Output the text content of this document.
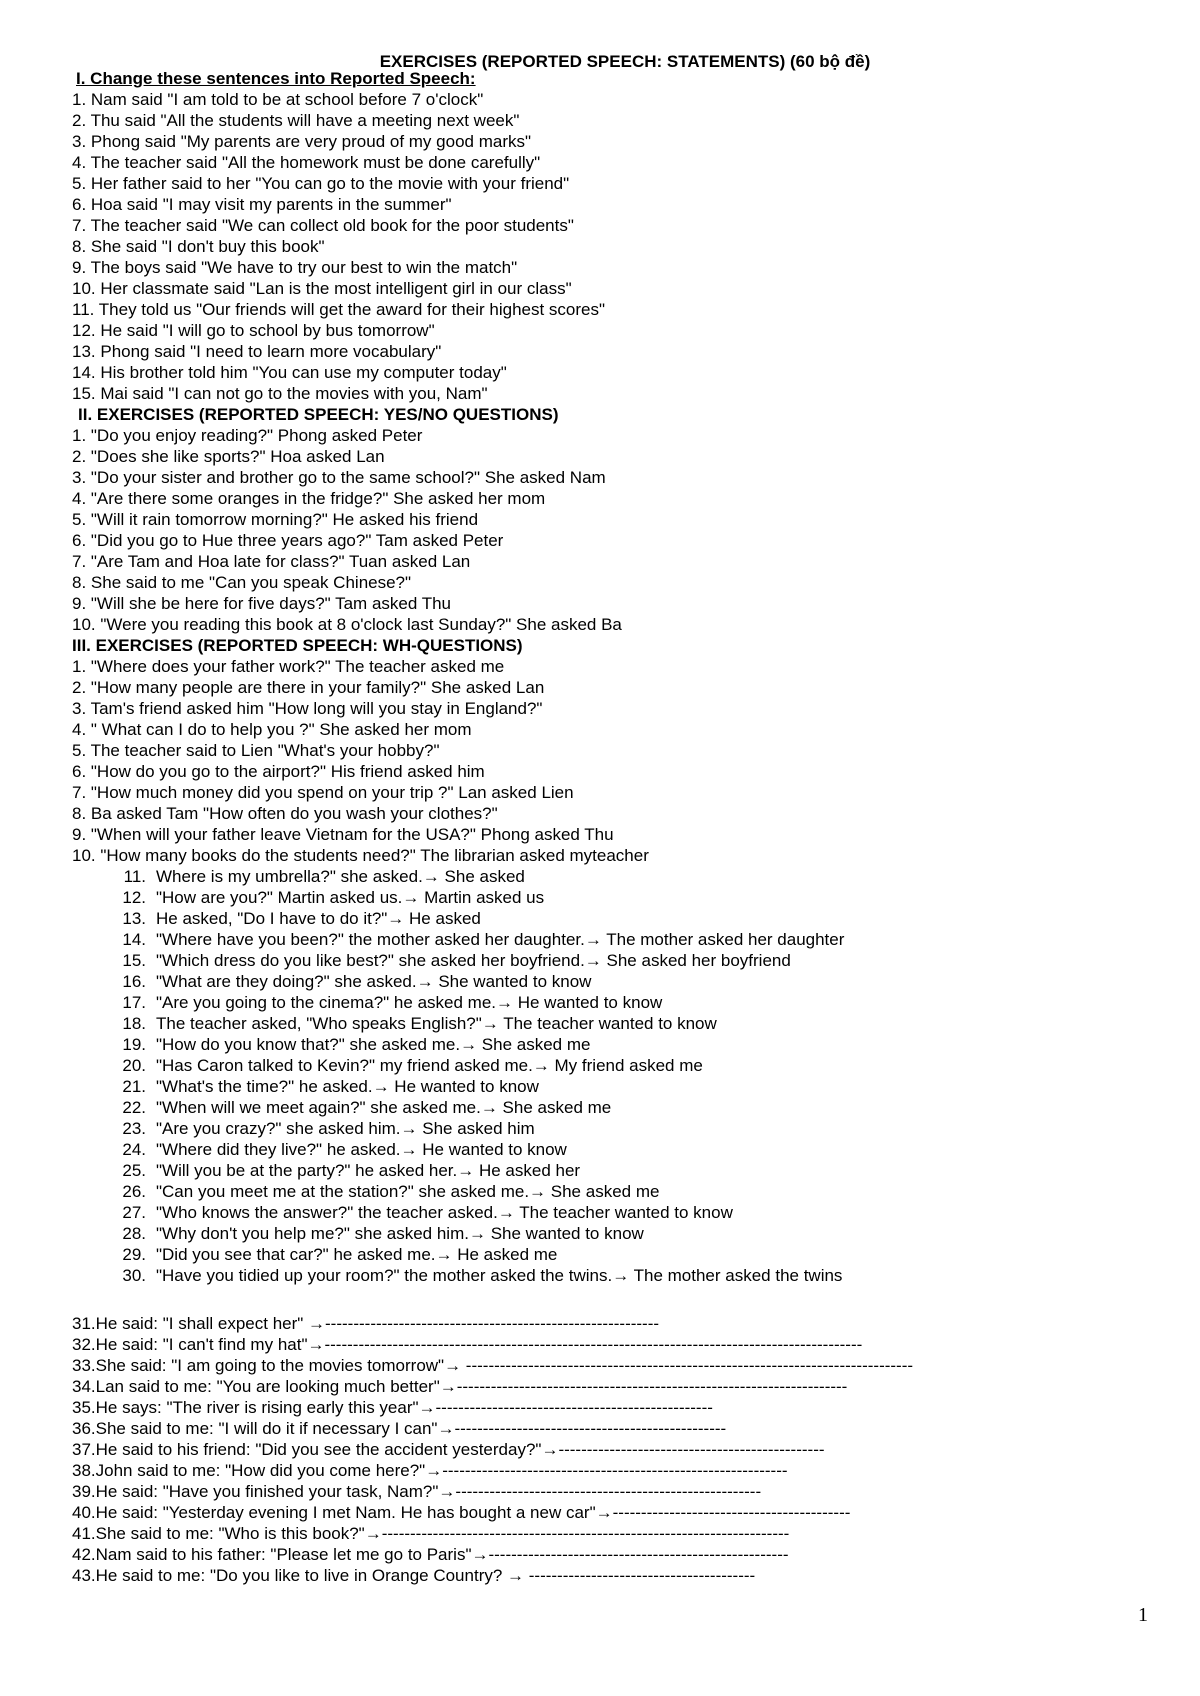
EXERCISES (REPORTED SPEECH: STATEMENTS) (60 bộ đề)
I. Change these sentences into Reported Speech:
1. Nam said "I am told to be at school before 7 o'clock"
2. Thu said "All the students will have a meeting next week"
3. Phong said "My parents are very proud of my good marks"
4. The teacher said "All the homework must be done carefully"
5. Her father said to her "You can go to the movie with your friend"
6. Hoa said "I may visit my parents in the summer"
7. The teacher said "We can collect old book for the poor students"
8. She said "I don't buy this book"
9. The boys said "We have to try our best to win the match"
10. Her classmate said "Lan is the most intelligent girl in our class"
11. They told us "Our friends will get the award for their highest scores"
12. He said "I will go to school by bus tomorrow"
13. Phong said "I need to learn more vocabulary"
14. His brother told him "You can use my computer today"
15. Mai said "I can not go to the movies with you, Nam"
II. EXERCISES (REPORTED SPEECH: YES/NO QUESTIONS)
1. "Do you enjoy reading?" Phong asked Peter
2. "Does she like sports?" Hoa asked Lan
3. "Do your sister and brother go to the same school?" She asked Nam
4. "Are there some oranges in the fridge?" She asked her mom
5. "Will it rain tomorrow morning?" He asked his friend
6. "Did you go to Hue three years ago?" Tam asked Peter
7. "Are Tam and Hoa late for class?" Tuan asked Lan
8. She said to me "Can you speak Chinese?"
9. "Will she be here for five days?" Tam asked Thu
10. "Were you reading this book at 8 o'clock last Sunday?" She asked Ba
III. EXERCISES (REPORTED SPEECH: WH-QUESTIONS)
1. "Where does your father work?" The teacher asked me
2. "How many people are there in your family?" She asked Lan
3. Tam's friend asked him "How long will you stay in England?"
4. " What can I do to help you ?" She asked her mom
5. The teacher said to Lien "What's your hobby?"
6. "How do you go to the airport?" His friend asked him
7. "How much money did you spend on your trip ?" Lan asked Lien
8. Ba asked Tam "How often do you wash your clothes?"
9. "When will your father leave Vietnam for the USA?" Phong asked Thu
10. "How many books do the students need?" The librarian asked myteacher
11. Where is my umbrella?" she asked.→ She asked
12. "How are you?" Martin asked us.→ Martin asked us
13. He asked, "Do I have to do it?"→ He asked
14. "Where have you been?" the mother asked her daughter.→ The mother asked her daughter
15. "Which dress do you like best?" she asked her boyfriend.→ She asked her boyfriend
16. "What are they doing?" she asked.→ She wanted to know
17. "Are you going to the cinema?" he asked me.→ He wanted to know
18. The teacher asked, "Who speaks English?"→ The teacher wanted to know
19. "How do you know that?" she asked me.→ She asked me
20. "Has Caron talked to Kevin?" my friend asked me.→ My friend asked me
21. "What's the time?" he asked.→ He wanted to know
22. "When will we meet again?" she asked me.→ She asked me
23. "Are you crazy?" she asked him.→ She asked him
24. "Where did they live?" he asked.→ He wanted to know
25. "Will you be at the party?" he asked her.→ He asked her
26. "Can you meet me at the station?" she asked me.→ She asked me
27. "Who knows the answer?" the teacher asked.→ The teacher wanted to know
28. "Why don't you help me?" she asked him.→ She wanted to know
29. "Did you see that car?" he asked me.→ He asked me
30. "Have you tidied up your room?" the mother asked the twins.→ The mother asked the twins
31.He said: "I shall expect her" →-----------------------------------------------------------
32.He said: "I can't find my hat"→-----------------------------------------------------------------------------------------------
33.She said: "I am going to the movies tomorrow"→ -------------------------------------------------------------------------------
34.Lan said to me: "You are looking much better"→---------------------------------------------------------------------
35.He says: "The river is rising early this year"→-------------------------------------------------
36.She said to me: "I will do it if necessary I can"→------------------------------------------------
37.He said to his friend: "Did you see the accident yesterday?"→-----------------------------------------------
38.John said to me: "How did you come here?"→-------------------------------------------------------------
39.He said: "Have you finished your task, Nam?"→------------------------------------------------------
40.He said: "Yesterday evening I met Nam. He has bought a new car"→------------------------------------------
41.She said to me: "Who is this book?"→------------------------------------------------------------------------
42.Nam said to his father: "Please let me go to Paris"→-----------------------------------------------------
43.He said to me: "Do you like to live in Orange Country? → ----------------------------------------
1
